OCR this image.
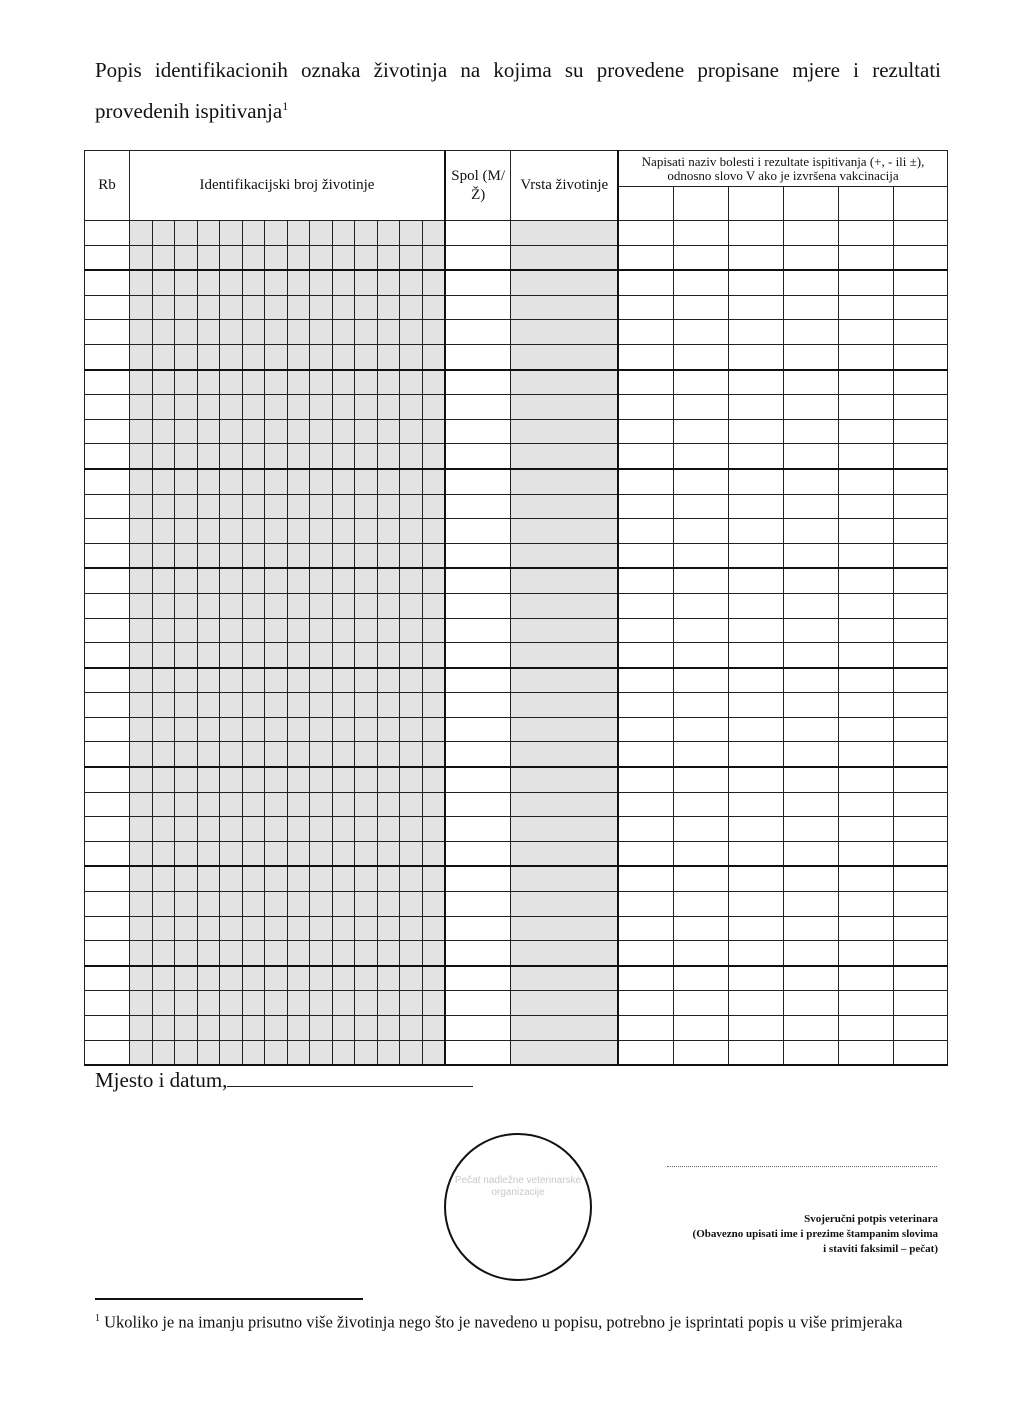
Popis identifikacionih oznaka životinja na kojima su provedene propisane mjere i rezultati provedenih ispitivanja$^1$
Rb	Identifikacijski broj životinje														Spol (M/Ž)	Vrsta životinje	Napisati naziv bolesti i rezultate ispitivanja (+, - ili ±), odnosno slovo V ako je izvršena vakcinacija					

Mjesto i datum,
Pečat nadležne veterinarske organizacije
Svojeručni potpis veterinara
(Obavezno upisati ime i prezime štampanim slovima
i staviti faksimil – pečat)
$^1$ Ukoliko je na imanju prisutno više životinja nego što je navedeno u popisu, potrebno je isprintati popis u više primjeraka
